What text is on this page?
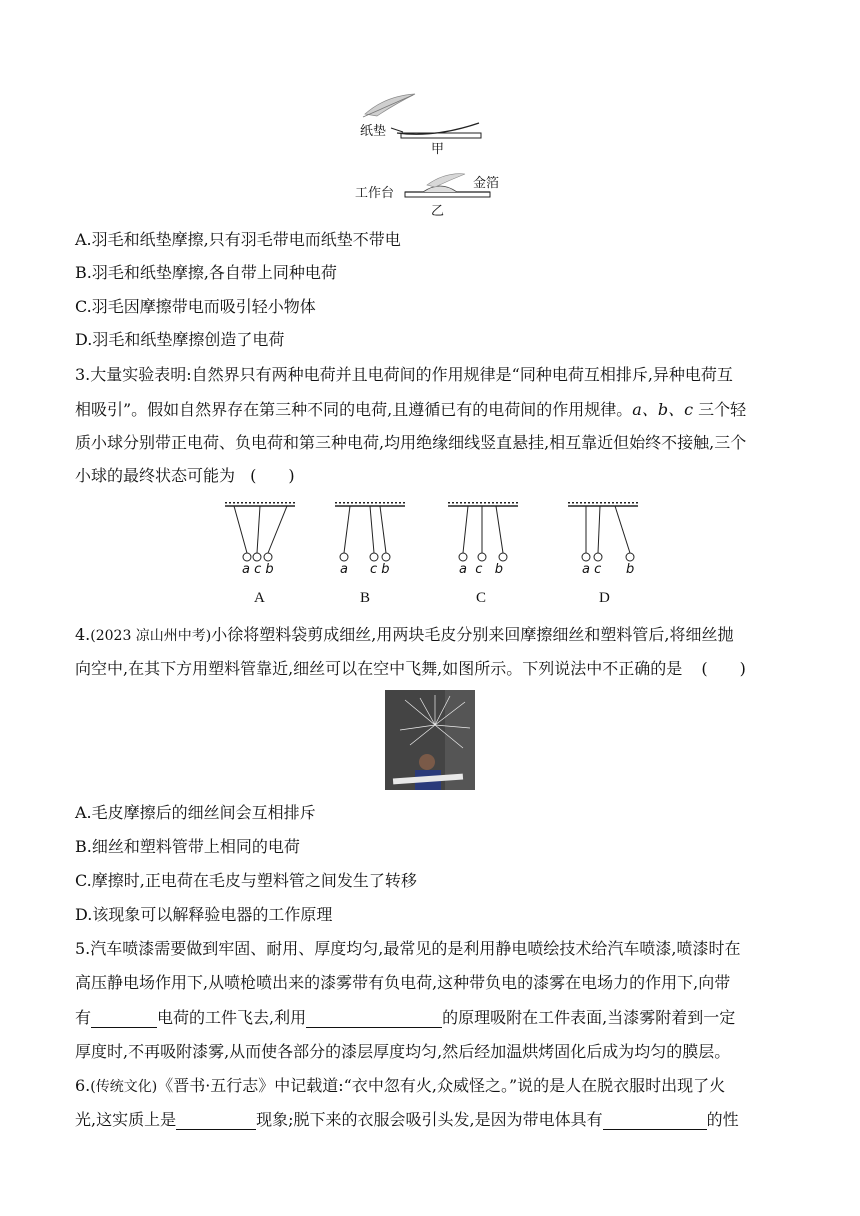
纸垫
甲
工作台
金箔
乙
A.羽毛和纸垫摩擦,只有羽毛带电而纸垫不带电
B.羽毛和纸垫摩擦,各自带上同种电荷
C.羽毛因摩擦带电而吸引轻小物体
D.羽毛和纸垫摩擦创造了电荷
3.大量实验表明:自然界只有两种电荷并且电荷间的作用规律是“同种电荷互相排斥,异种电荷互
相吸引”。假如自然界存在第三种不同的电荷,且遵循已有的电荷间的作用规律。a、b、c 三个轻
质小球分别带正电荷、负电荷和第三种电荷,均用绝缘细线竖直悬挂,相互靠近但始终不接触,三个
小球的最终状态可能为 (　　)
a c b	a c b	a  c   b	a c b
A	B	C	D
4.(2023 凉山州中考)小徐将塑料袋剪成细丝,用两块毛皮分别来回摩擦细丝和塑料管后,将细丝抛
向空中,在其下方用塑料管靠近,细丝可以在空中飞舞,如图所示。下列说法中不正确的是 (　　)
A.毛皮摩擦后的细丝间会互相排斥
B.细丝和塑料管带上相同的电荷
C.摩擦时,正电荷在毛皮与塑料管之间发生了转移
D.该现象可以解释验电器的工作原理
5.汽车喷漆需要做到牢固、耐用、厚度均匀,最常见的是利用静电喷绘技术给汽车喷漆,喷漆时在
高压静电场作用下,从喷枪喷出来的漆雾带有负电荷,这种带负电的漆雾在电场力的作用下,向带
有	电荷的工件飞去,利用	的原理吸附在工件表面,当漆雾附着到一定
厚度时,不再吸附漆雾,从而使各部分的漆层厚度均匀,然后经加温烘烤固化后成为均匀的膜层。
6.(传统文化)《晋书·五行志》中记载道:“衣中忽有火,众威怪之。”说的是人在脱衣服时出现了火
光,这实质上是	现象;脱下来的衣服会吸引头发,是因为带电体具有	的性
